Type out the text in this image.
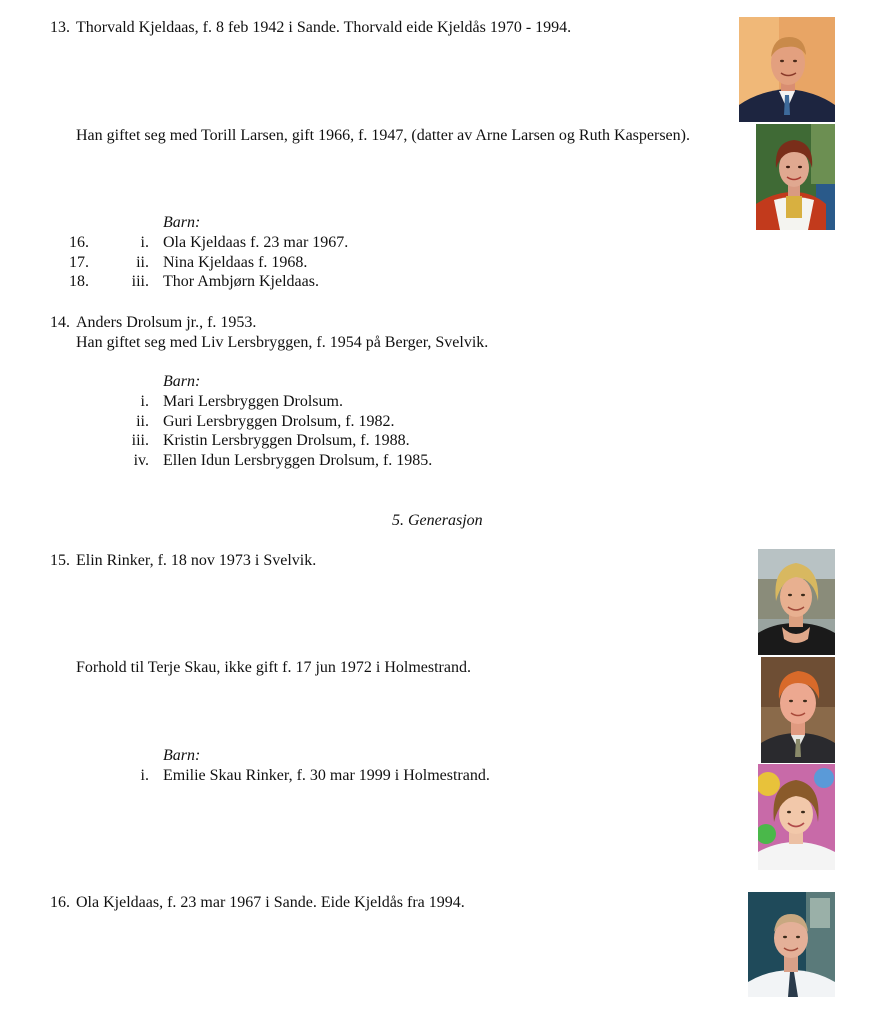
13. Thorvald Kjeldaas, f. 8 feb 1942 i Sande. Thorvald eide Kjeldås 1970 - 1994.
Han giftet seg med Torill Larsen, gift 1966, f. 1947, (datter av Arne Larsen og Ruth Kaspersen).
Barn:
16.	i. Ola Kjeldaas f. 23 mar 1967.
17.	ii. Nina Kjeldaas f. 1968.
18.	iii. Thor Ambjørn Kjeldaas.
14. Anders Drolsum jr., f. 1953.
Han giftet seg med Liv Lersbryggen, f. 1954 på Berger, Svelvik.
Barn:
i. Mari Lersbryggen Drolsum.
ii. Guri Lersbryggen Drolsum, f. 1982.
iii. Kristin Lersbryggen Drolsum, f. 1988.
iv. Ellen Idun Lersbryggen Drolsum, f. 1985.
5. Generasjon
15. Elin Rinker, f. 18 nov 1973 i Svelvik.
Forhold til Terje Skau, ikke gift f. 17 jun 1972 i Holmestrand.
Barn:
i. Emilie Skau Rinker, f. 30 mar 1999 i Holmestrand.
16. Ola Kjeldaas, f. 23 mar 1967 i Sande. Eide Kjeldås fra 1994.
